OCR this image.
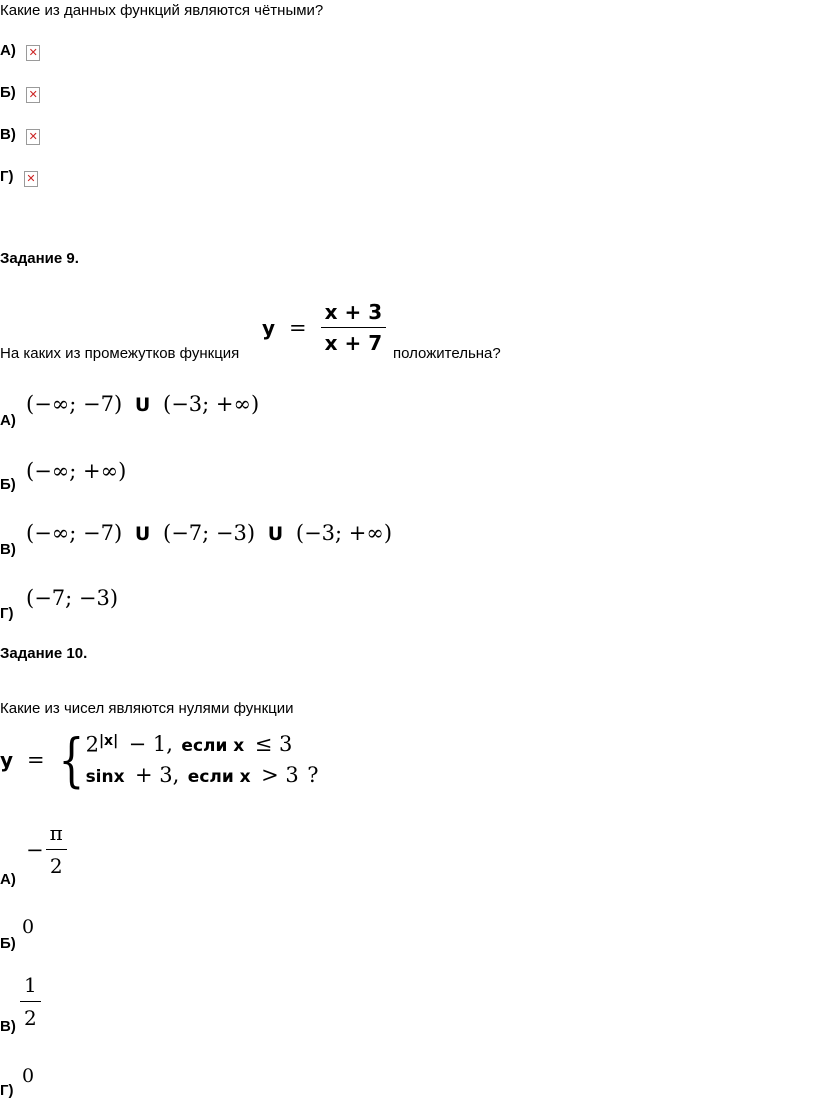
Какие из данных функций являются чётными?
А) ✕
Б) ✕
В) ✕
Г) ✕
Задание 9.
На каких из промежутков функция
$y = \frac{x + 3}{x + 7}$ положительна?
А)
(−∞; −7) U (−3; +∞)
Б)
(−∞; +∞)
В)
(−∞; −7) U (−7; −3) U (−3; +∞)
Г)
(−7; −3)
Задание 10.
Какие из чисел являются нулями функции
y = { $2^{|x|} - 1$, если x ≤ 3
sinx + 3, если x > 3 ?
А)
− $\frac{\pi}{2}$
Б)
0
$В) \frac{1}{2}$
Г)
0
